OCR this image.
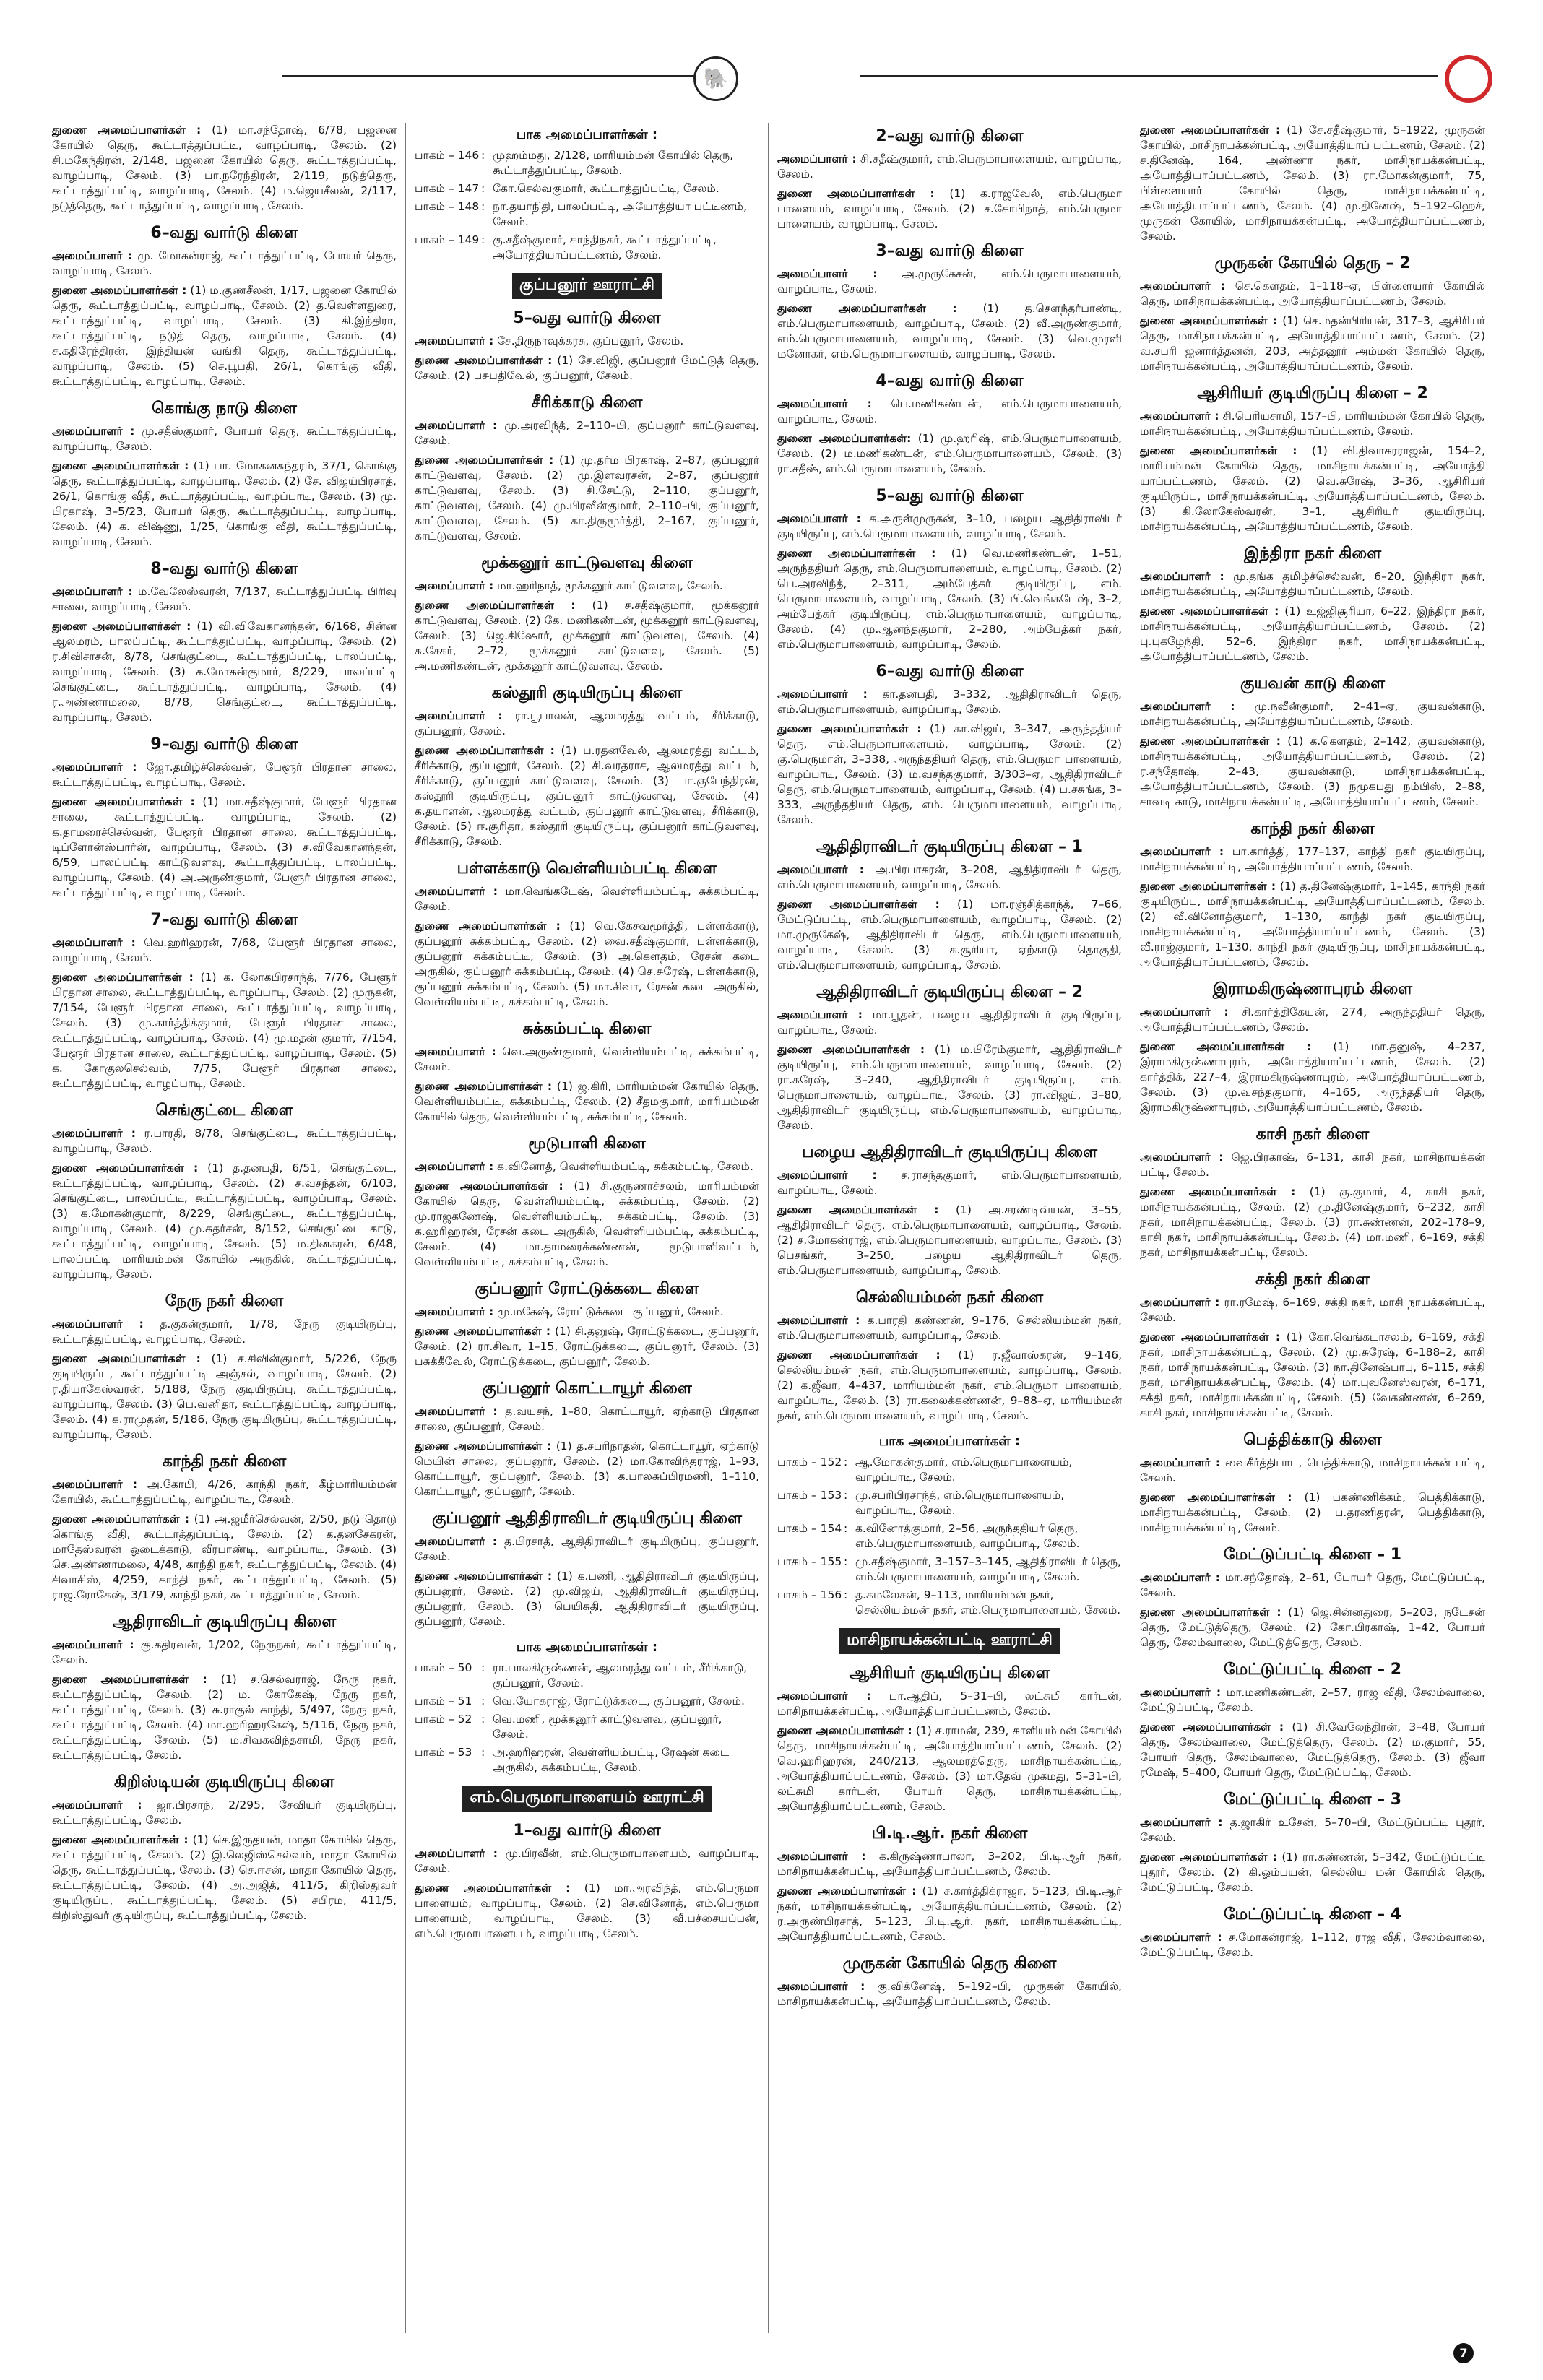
🐘

துணை அமைப்பாளர்கள் : (1) மா.சந்தோஷ், 6/78, பஜனை கோயில் தெரு, கூட்டாத்துப்பட்டி, வாழப்பாடி, சேலம். (2) சி.மகேந்திரன், 2/148, பஜனை கோயில் தெரு, கூட்டாத்துப்பட்டி, வாழப்பாடி, சேலம். (3) பா.நரேந்திரன், 2/119, நடுத்தெரு, கூட்டாத்துப்பட்டி, வாழப்பாடி, சேலம். (4) ம.ஜெயசீலன், 2/117, நடுத்தெரு, கூட்டாத்துப்பட்டி, வாழப்பாடி, சேலம்.

6–வது வார்டு கிளை

அமைப்பாளர் : மு. மோகன்ராஜ், கூட்டாத்துப்பட்டி, போயர் தெரு, வாழப்பாடி, சேலம்.

துணை அமைப்பாளர்கள் : (1) ம.குணசீலன், 1/17, பஜனை கோயில் தெரு, கூட்டாத்துப்பட்டி, வாழப்பாடி, சேலம். (2) த.வெள்ளதுரை, கூட்டாத்துப்பட்டி, வாழப்பாடி, சேலம். (3) கி.இந்திரா, கூட்டாத்துப்பட்டி, நடுத் தெரு, வாழப்பாடி, சேலம். (4) ச.கதிரேந்திரன், இந்தியன் வங்கி தெரு, கூட்டாத்துப்பட்டி, வாழப்பாடி, சேலம். (5) செ.பூபதி, 26/1, கொங்கு வீதி, கூட்டாத்துப்பட்டி, வாழப்பாடி, சேலம்.

கொங்கு நாடு கிளை

அமைப்பாளர் : மு.சதீஸ்குமார், போயர் தெரு, கூட்டாத்துப்பட்டி, வாழப்பாடி, சேலம்.

துணை அமைப்பாளர்கள் : (1) பா. மோகனசுந்தரம், 37/1, கொங்கு தெரு, கூட்டாத்துப்பட்டி, வாழப்பாடி, சேலம். (2) சே. விஜய்பிரசாத், 26/1, கொங்கு வீதி, கூட்டாத்துப்பட்டி, வாழப்பாடி, சேலம். (3) மு. பிரகாஷ், 3–5/23, போயர் தெரு, கூட்டாத்துப்பட்டி, வாழப்பாடி, சேலம். (4) க. விஷ்ணு, 1/25, கொங்கு வீதி, கூட்டாத்துப்பட்டி, வாழப்பாடி, சேலம்.

8–வது வார்டு கிளை

அமைப்பாளர் : ம.வேலேஸ்வரன், 7/137, கூட்டாத்துப்பட்டி பிரிவு சாலை, வாழப்பாடி, சேலம்.

துணை அமைப்பாளர்கள் : (1) வி.விவேகானந்தன், 6/168, சின்ன ஆலமரம், பாலப்பட்டி, கூட்டாத்துப்பட்டி, வாழப்பாடி, சேலம். (2) ர.சிவிசாசன், 8/78, செங்குட்டை, கூட்டாத்துப்பட்டி, பாலப்பட்டி, வாழப்பாடி, சேலம். (3) க.மோகன்குமார், 8/229, பாலப்பட்டி செங்குட்டை, கூட்டாத்துப்பட்டி, வாழப்பாடி, சேலம். (4) ர.அண்ணாமலை, 8/78, செங்குட்டை, கூட்டாத்துப்பட்டி, வாழப்பாடி, சேலம்.

9–வது வார்டு கிளை

அமைப்பாளர் : ஜோ.தமிழ்ச்செல்வன், பேளூர் பிரதான சாலை, கூட்டாத்துப்பட்டி, வாழப்பாடி, சேலம்.

துணை அமைப்பாளர்கள் : (1) மா.சதீஷ்குமார், பேளூர் பிரதான சாலை, கூட்டாத்துப்பட்டி, வாழப்பாடி, சேலம். (2) க.தாமரைச்செல்வன், பேளூர் பிரதான சாலை, கூட்டாத்துப்பட்டி, டிப்ளோன்ஸ்பார்ன், வாழப்பாடி, சேலம். (3) ச.விவேகானந்தன், 6/59, பாலப்பட்டி காட்டுவளவு, கூட்டாத்துப்பட்டி, பாலப்பட்டி, வாழப்பாடி, சேலம். (4) அ.அருண்குமார், பேளூர் பிரதான சாலை, கூட்டாத்துப்பட்டி, வாழப்பாடி, சேலம்.

7–வது வார்டு கிளை

அமைப்பாளர் : வெ.ஹரிஹரன், 7/68, பேளூர் பிரதான சாலை, வாழப்பாடி, சேலம்.

துணை அமைப்பாளர்கள் : (1) க. லோகபிரசாந்த், 7/76, பேளூர் பிரதான சாலை, கூட்டாத்துப்பட்டி, வாழப்பாடி, சேலம். (2) முருகன், 7/154, பேளூர் பிரதான சாலை, கூட்டாத்துப்பட்டி, வாழப்பாடி, சேலம். (3) மு.கார்த்திக்குமார், பேளூர் பிரதான சாலை, கூட்டாத்துப்பட்டி, வாழப்பாடி, சேலம். (4) மு.மதன் குமார், 7/154, பேளூர் பிரதான சாலை, கூட்டாத்துப்பட்டி, வாழப்பாடி, சேலம். (5) க. கோகுலசெல்வம், 7/75, பேளூர் பிரதான சாலை, கூட்டாத்துப்பட்டி, வாழப்பாடி, சேலம்.

செங்குட்டை கிளை

அமைப்பாளர் : ர.பாரதி, 8/78, செங்குட்டை, கூட்டாத்துப்பட்டி, வாழப்பாடி, சேலம்.

துணை அமைப்பாளர்கள் : (1) த.தனபதி, 6/51, செங்குட்டை, கூட்டாத்துப்பட்டி, வாழப்பாடி, சேலம். (2) ச.வசந்தன், 6/103, செங்குட்டை, பாலப்பட்டி, கூட்டாத்துப்பட்டி, வாழப்பாடி, சேலம். (3) க.மோகன்குமார், 8/229, செங்குட்டை, கூட்டாத்துப்பட்டி, வாழப்பாடி, சேலம். (4) மு.சுதர்சன், 8/152, செங்குட்டை காடு, கூட்டாத்துப்பட்டி, வாழப்பாடி, சேலம். (5) ம.தினகரன், 6/48, பாலப்பட்டி மாரியம்மன் கோயில் அருகில், கூட்டாத்துப்பட்டி, வாழப்பாடி, சேலம்.

நேரு நகர் கிளை

அமைப்பாளர் : த.குகன்குமார், 1/78, நேரு குடியிருப்பு, கூட்டாத்துப்பட்டி, வாழப்பாடி, சேலம்.

துணை அமைப்பாளர்கள் : (1) ச.சிவின்குமார், 5/226, நேரு குடியிருப்பு, கூட்டாத்துப்பட்டி அஞ்சல், வாழப்பாடி, சேலம். (2) ர.தியாகேஸ்வரன், 5/188, நேரு குடியிருப்பு, கூட்டாத்துப்பட்டி, வாழப்பாடி, சேலம். (3) பெ.வனிதா, கூட்டாத்துப்பட்டி, வாழப்பாடி, சேலம். (4) க.ராமுதன், 5/186, நேரு குடியிருப்பு, கூட்டாத்துப்பட்டி, வாழப்பாடி, சேலம்.

காந்தி நகர் கிளை

அமைப்பாளர் : அ.கோபி, 4/26, காந்தி நகர், கீழ்மாரியம்மன் கோயில், கூட்டாத்துப்பட்டி, வாழப்பாடி, சேலம்.

துணை அமைப்பாளர்கள் : (1) அ.ஜமீர்செல்வன், 2/50, நடு தொடு கொங்கு வீதி, கூட்டாத்துப்பட்டி, சேலம். (2) க.தனசேகரன், மாதேஸ்வரன் ஓடைக்காடு, வீரபாண்டி, வாழப்பாடி, சேலம். (3) செ.அண்ணாமலை, 4/48, காந்தி நகர், கூட்டாத்துப்பட்டி, சேலம். (4) சிவாசிஸ், 4/259, காந்தி நகர், கூட்டாத்துப்பட்டி, சேலம். (5) ராஜ.ரோகேஷ், 3/179, காந்தி நகர், கூட்டாத்துப்பட்டி, சேலம்.

ஆதிராவிடர் குடியிருப்பு கிளை

அமைப்பாளர் : கு.கதிரவன், 1/202, நேருநகர், கூட்டாத்துப்பட்டி, சேலம்.

துணை அமைப்பாளர்கள் : (1) ச.செல்வராஜ், நேரு நகர், கூட்டாத்துப்பட்டி, சேலம். (2) ம. கோகேஷ், நேரு நகர், கூட்டாத்துப்பட்டி, சேலம். (3) சு.ராகுல் காந்தி, 5/497, நேரு நகர், கூட்டாத்துப்பட்டி, சேலம். (4) மா.ஹரிஹரகேஷ், 5/116, நேரு நகர், கூட்டாத்துப்பட்டி, சேலம். (5) ம.சிவகவிந்தசாமி, நேரு நகர், கூட்டாத்துப்பட்டி, சேலம்.

கிறிஸ்டியன் குடியிருப்பு கிளை

அமைப்பாளர் : ஜா.பிரசாந், 2/295, சேவியர் குடியிருப்பு, கூட்டாத்துப்பட்டி, சேலம்.

துணை அமைப்பாளர்கள் : (1) செ.இருதயன், மாதா கோயில் தெரு, கூட்டாத்துப்பட்டி, சேலம். (2) இ.லெஜிஸ்செல்வம், மாதா கோயில் தெரு, கூட்டாத்துப்பட்டி, சேலம். (3) செ.ஈசன், மாதா கோயில் தெரு, கூட்டாத்துப்பட்டி, சேலம். (4) அ.அஜித், 411/5, கிறிஸ்துவர் குடியிருப்பு, கூட்டாத்துப்பட்டி, சேலம். (5) சபிரம, 411/5, கிறிஸ்துவர் குடியிருப்பு, கூட்டாத்துப்பட்டி, சேலம்.

பாக அமைப்பாளர்கள் :
பாகம் – 146 : முஹம்மது, 2/128, மாரியம்மன் கோயில் தெரு, கூட்டாத்துப்பட்டி, சேலம்.
பாகம் – 147 : கோ.செல்வகுமார், கூட்டாத்துப்பட்டி, சேலம்.
பாகம் – 148 : நா.தயாநிதி, பாலப்பட்டி, அயோத்தியா பட்டிணம், சேலம்.
பாகம் – 149 : கு.சதீஷ்குமார், காந்திநகர், கூட்டாத்துப்பட்டி, அயோத்தியாப்பட்டணம், சேலம்.
குப்பனூர் ஊராட்சி
5–வது வார்டு கிளை

அமைப்பாளர் : சே.திருநாவுக்கரசு, குப்பனூர், சேலம்.

துணை அமைப்பாளர்கள் : (1) சே.விஜி, குப்பனூர் மேட்டுத் தெரு, சேலம். (2) பசுபதிவேல், குப்பனூர், சேலம்.

சீரிக்காடு கிளை

அமைப்பாளர் : மு.அரவிந்த், 2–110–பி, குப்பனூர் காட்டுவளவு, சேலம்.

துணை அமைப்பாளர்கள் : (1) மு.தர்ம பிரகாஷ், 2–87, குப்பனூர் காட்டுவளவு, சேலம். (2) மு.இளவரசன், 2–87, குப்பனூர் காட்டுவளவு, சேலம். (3) சி.சேட்டு, 2–110, குப்பனூர், காட்டுவளவு, சேலம். (4) மு.பிரவீன்குமார், 2–110–பி, குப்பனூர், காட்டுவளவு, சேலம். (5) கா.திருமூர்த்தி, 2–167, குப்பனூர், காட்டுவளவு, சேலம்.

மூக்கனூர் காட்டுவளவு கிளை

அமைப்பாளர் : மா.ஹரிநாத், மூக்கனூர் காட்டுவளவு, சேலம்.

துணை அமைப்பாளர்கள் : (1) ச.சதீஷ்குமார், மூக்கனூர் காட்டுவளவு, சேலம். (2) கே. மணிகண்டன், மூக்கனூர் காட்டுவளவு, சேலம். (3) ஜெ.கிஷோர், மூக்கனூர் காட்டுவளவு, சேலம். (4) சு.சேகர், 2–72, மூக்கனூர் காட்டுவளவு, சேலம். (5) அ.மணிகண்டன், மூக்கனூர் காட்டுவளவு, சேலம்.

கஸ்தூரி குடியிருப்பு கிளை

அமைப்பாளர் : ரா.பூபாலன், ஆலமரத்து வட்டம், சீரிக்காடு, குப்பனூர், சேலம்.

துணை அமைப்பாளர்கள் : (1) ப.ரதனவேல், ஆலமரத்து வட்டம், சீரிக்காடு, குப்பனூர், சேலம். (2) சி.வரதராச, ஆலமரத்து வட்டம், சீரிக்காடு, குப்பனூர் காட்டுவளவு, சேலம். (3) பா.குபேந்திரன், கஸ்தூரி குடியிருப்பு, குப்பனூர் காட்டுவளவு, சேலம். (4) க.தயாளன், ஆலமரத்து வட்டம், குப்பனூர் காட்டுவளவு, சீரிக்காடு, சேலம். (5) ஈ.சூரிதா, கஸ்தூரி குடியிருப்பு, குப்பனூர் காட்டுவளவு, சீரிக்காடு, சேலம்.

பள்ளக்காடு வெள்ளியம்பட்டி கிளை

அமைப்பாளர் : மா.வெங்கடேஷ், வெள்ளியம்பட்டி, சுக்கம்பட்டி, சேலம்.

துணை அமைப்பாளர்கள் : (1) வெ.கேசவமூர்த்தி, பள்ளக்காடு, குப்பனூர் சுக்கம்பட்டி, சேலம். (2) வை.சதீஷ்குமார், பள்ளக்காடு, குப்பனூர் சுக்கம்பட்டி, சேலம். (3) அ.கௌதம், ரேசன் கடை அருகில், குப்பனூர் சுக்கம்பட்டி, சேலம். (4) செ.சுரேஷ், பள்ளக்காடு, குப்பனூர் சுக்கம்பட்டி, சேலம். (5) மா.சிவா, ரேசன் கடை அருகில், வெள்ளியம்பட்டி, சுக்கம்பட்டி, சேலம்.

சுக்கம்பட்டி கிளை

அமைப்பாளர் : வெ.அருண்குமார், வெள்ளியம்பட்டி, சுக்கம்பட்டி, சேலம்.

துணை அமைப்பாளர்கள் : (1) ஜ.கிரி, மாரியம்மன் கோயில் தெரு, வெள்ளியம்பட்டி, சுக்கம்பட்டி, சேலம். (2) சீதமகுமார், மாரியம்மன் கோயில் தெரு, வெள்ளியம்பட்டி, சுக்கம்பட்டி, சேலம்.

மூடுபாளி கிளை

அமைப்பாளர் : க.வினோத், வெள்ளியம்பட்டி, சுக்கம்பட்டி, சேலம்.

துணை அமைப்பாளர்கள் : (1) சி.குருணாச்சலம், மாரியம்மன் கோயில் தெரு, வெள்ளியம்பட்டி, சுக்கம்பட்டி, சேலம். (2) மு.ராஜகணேஷ், வெள்ளியம்பட்டி, சுக்கம்பட்டி, சேலம். (3) க.ஹரிஹரன், ரேசன் கடை அருகில், வெள்ளியம்பட்டி, சுக்கம்பட்டி, சேலம். (4) மா.தாமரைக்கண்ணன், மூடுபாளிவட்டம், வெள்ளியம்பட்டி, சுக்கம்பட்டி, சேலம்.

குப்பனூர் ரோட்டுக்கடை கிளை

அமைப்பாளர் : மு.மகேஷ், ரோட்டுக்கடை குப்பனூர், சேலம்.

துணை அமைப்பாளர்கள் : (1) சி.தனுஷ், ரோட்டுக்கடை, குப்பனூர், சேலம். (2) ரா.சிவா, 1–15, ரோட்டுக்கடை, குப்பனூர், சேலம். (3) பசுக்கீவேல், ரோட்டுக்கடை, குப்பனூர், சேலம்.

குப்பனூர் கொட்டாயூர் கிளை

அமைப்பாளர் : த.வயசந், 1–80, கொட்டாயூர், ஏற்காடு பிரதான சாலை, குப்பனூர், சேலம்.

துணை அமைப்பாளர்கள் : (1) த.சபரிநாதன், கொட்டாயூர், ஏற்காடு மெயின் சாலை, குப்பனூர், சேலம். (2) மா.கோவிந்தராஜ், 1–93, கொட்டாயூர், குப்பனூர், சேலம். (3) க.பாலசுப்பிரமணி, 1–110, கொட்டாயூர், குப்பனூர், சேலம்.

குப்பனூர் ஆதிதிராவிடர் குடியிருப்பு கிளை

அமைப்பாளர் : த.பிரசாத், ஆதிதிராவிடர் குடியிருப்பு, குப்பனூர், சேலம்.

துணை அமைப்பாளர்கள் : (1) க.பணி, ஆதிதிராவிடர் குடியிருப்பு, குப்பனூர், சேலம். (2) மு.விஜய், ஆதிதிராவிடர் குடியிருப்பு, குப்பனூர், சேலம். (3) பெயிசுதி, ஆதிதிராவிடர் குடியிருப்பு, குப்பனூர், சேலம்.

பாக அமைப்பாளர்கள் :
பாகம் – 50 : ரா.பாலகிருஷ்ணன், ஆலமரத்து வட்டம், சீரிக்காடு, குப்பனூர், சேலம்.
பாகம் – 51 : வெ.யோகராஜ், ரோட்டுக்கடை, குப்பனூர், சேலம்.
பாகம் – 52 : வெ.மணி, மூக்கனூர் காட்டுவளவு, குப்பனூர், சேலம்.
பாகம் – 53 : அ.ஹரிஹரன், வெள்ளியம்பட்டி, ரேஷன் கடை அருகில், சுக்கம்பட்டி, சேலம்.
எம்.பெருமாபாளையம் ஊராட்சி
1–வது வார்டு கிளை

அமைப்பாளர் : மு.பிரவீன், எம்.பெருமாபாளையம், வாழப்பாடி, சேலம்.

துணை அமைப்பாளர்கள் : (1) மா.அரவிந்த், எம்.பெருமா பாளையம், வாழப்பாடி, சேலம். (2) செ.வினோத், எம்.பெருமா பாளையம், வாழப்பாடி, சேலம். (3) வீ.பச்சையப்பன், எம்.பெருமாபாளையம், வாழப்பாடி, சேலம்.

2–வது வார்டு கிளை

அமைப்பாளர் : சி.சதீஷ்குமார், எம்.பெருமாபாளையம், வாழப்பாடி, சேலம்.

துணை அமைப்பாளர்கள் : (1) க.ராஜவேல், எம்.பெருமா பாளையம், வாழப்பாடி, சேலம். (2) ச.கோபிநாத், எம்.பெருமா பாளையம், வாழப்பாடி, சேலம்.

3–வது வார்டு கிளை

அமைப்பாளர் : அ.முருகேசன், எம்.பெருமாபாளையம், வாழப்பாடி, சேலம்.

துணை அமைப்பாளர்கள் : (1) த.சௌந்தர்பாண்டி, எம்.பெருமாபாளையம், வாழப்பாடி, சேலம். (2) வீ.அருண்குமார், எம்.பெருமாபாளையம், வாழப்பாடி, சேலம். (3) வெ.முரளி மனோகர், எம்.பெருமாபாளையம், வாழப்பாடி, சேலம்.

4–வது வார்டு கிளை

அமைப்பாளர் : பெ.மணிகண்டன், எம்.பெருமாபாளையம், வாழப்பாடி, சேலம்.

துணை அமைப்பாளர்கள்: (1) மு.ஹரிஷ், எம்.பெருமாபாளையம், சேலம். (2) ம.மணிகண்டன், எம்.பெருமாபாளையம், சேலம். (3) ரா.சதீஷ், எம்.பெருமாபாளையம், சேலம்.

5–வது வார்டு கிளை

அமைப்பாளர் : க.அருள்முருகன், 3–10, பழைய ஆதிதிராவிடர் குடியிருப்பு, எம்.பெருமாபாளையம், வாழப்பாடி, சேலம்.

துணை அமைப்பாளர்கள் : (1) வெ.மணிகண்டன், 1–51, அருந்ததியர் தெரு, எம்.பெருமாபாளையம், வாழப்பாடி, சேலம். (2) பெ.அரவிந்த், 2–311, அம்பேத்கர் குடியிருப்பு, எம். பெருமாபாளையம், வாழப்பாடி, சேலம். (3) பி.வெங்கடேஷ், 3–2, அம்பேத்கர் குடியிருப்பு, எம்.பெருமாபாளையம், வாழப்பாடி, சேலம். (4) மு.ஆனந்தகுமார், 2–280, அம்பேத்கர் நகர், எம்.பெருமாபாளையம், வாழப்பாடி, சேலம்.

6–வது வார்டு கிளை

அமைப்பாளர் : கா.தனபதி, 3–332, ஆதிதிராவிடர் தெரு, எம்.பெருமாபாளையம், வாழப்பாடி, சேலம்.

துணை அமைப்பாளர்கள் : (1) கா.விஜய், 3–347, அருந்ததியர் தெரு, எம்.பெருமாபாளையம், வாழப்பாடி, சேலம். (2) கு.பெருமாள், 3–338, அருந்ததியர் தெரு, எம்.பெருமா பாளையம், வாழப்பாடி, சேலம். (3) ம.வசந்தகுமார், 3/303–ஏ, ஆதிதிராவிடர் தெரு, எம்.பெருமாபாளையம், வாழப்பாடி, சேலம். (4) ப.சசுங்க, 3–333, அருந்ததியர் தெரு, எம். பெருமாபாளையம், வாழப்பாடி, சேலம்.

ஆதிதிராவிடர் குடியிருப்பு கிளை – 1

அமைப்பாளர் : அ.பிரபாகரன், 3–208, ஆதிதிராவிடர் தெரு, எம்.பெருமாபாளையம், வாழப்பாடி, சேலம்.

துணை அமைப்பாளர்கள் : (1) மா.ரஞ்சித்காந்த், 7–66, மேட்டுப்பட்டி, எம்.பெருமாபாளையம், வாழப்பாடி, சேலம். (2) மா.முருகேஷ், ஆதிதிராவிடர் தெரு, எம்.பெருமாபாளையம், வாழப்பாடி, சேலம். (3) க.சூரியா, ஏற்காடு தொகுதி, எம்.பெருமாபாளையம், வாழப்பாடி, சேலம்.

ஆதிதிராவிடர் குடியிருப்பு கிளை – 2

அமைப்பாளர் : மா.பூதன், பழைய ஆதிதிராவிடர் குடியிருப்பு, வாழப்பாடி, சேலம்.

துணை அமைப்பாளர்கள் : (1) ம.பிரேம்குமார், ஆதிதிராவிடர் குடியிருப்பு, எம்.பெருமாபாளையம், வாழப்பாடி, சேலம். (2) ரா.சுரேஷ், 3–240, ஆதிதிராவிடர் குடியிருப்பு, எம். பெருமாபாளையம், வாழப்பாடி, சேலம். (3) ரா.விஜய், 3–80, ஆதிதிராவிடர் குடியிருப்பு, எம்.பெருமாபாளையம், வாழப்பாடி, சேலம்.

பழைய ஆதிதிராவிடர் குடியிருப்பு கிளை

அமைப்பாளர் : ச.ராசந்தகுமார், எம்.பெருமாபாளையம், வாழப்பாடி, சேலம்.

துணை அமைப்பாளர்கள் : (1) அ.சரண்டிவ்யன், 3–55, ஆதிதிராவிடர் தெரு, எம்.பெருமாபாளையம், வாழப்பாடி, சேலம். (2) ச.மோகன்ராஜ், எம்.பெருமாபாளையம், வாழப்பாடி, சேலம். (3) பெசங்கர், 3–250, பழைய ஆதிதிராவிடர் தெரு, எம்.பெருமாபாளையம், வாழப்பாடி, சேலம்.

செல்லியம்மன் நகர் கிளை

அமைப்பாளர் : க.பாரதி கண்ணன், 9–176, செல்லியம்மன் நகர், எம்.பெருமாபாளையம், வாழப்பாடி, சேலம்.

துணை அமைப்பாளர்கள் : (1) ர.ஜீவாஸ்கரன், 9–146, செல்லியம்மன் நகர், எம்.பெருமாபாளையம், வாழப்பாடி, சேலம். (2) க.ஜீவா, 4–437, மாரியம்மன் நகர், எம்.பெருமா பாளையம், வாழப்பாடி, சேலம். (3) ரா.கலைக்கண்ணன், 9–88–ஏ, மாரியம்மன் நகர், எம்.பெருமாபாளையம், வாழப்பாடி, சேலம்.

பாக அமைப்பாளர்கள் :
பாகம் – 152 : ஆ.மோகன்குமார், எம்.பெருமாபாளையம், வாழப்பாடி, சேலம்.
பாகம் – 153 : மு.சபரிபிரசாந்த், எம்.பெருமாபாளையம், வாழப்பாடி, சேலம்.
பாகம் – 154 : க.வினோத்குமார், 2–56, அருந்ததியர் தெரு, எம்.பெருமாபாளையம், வாழப்பாடி, சேலம்.
பாகம் – 155 : மு.சதீஷ்குமார், 3–157–3–145, ஆதிதிராவிடர் தெரு, எம்.பெருமாபாளையம், வாழப்பாடி, சேலம்.
பாகம் – 156 : த.கமலேசன், 9–113, மாரியம்மன் நகர், செல்லியம்மன் நகர், எம்.பெருமாபாளையம், சேலம்.
மாசிநாயக்கன்பட்டி ஊராட்சி
ஆசிரியர் குடியிருப்பு கிளை

அமைப்பாளர் : பா.ஆதிப், 5–31–பி, லட்சுமி கார்டன், மாசிநாயக்கன்பட்டி, அயோத்தியாப்பட்டணம், சேலம்.

துணை அமைப்பாளர்கள் : (1) ச.ராமன், 239, காளியம்மன் கோயில் தெரு, மாசிநாயக்கன்பட்டி, அயோத்தியாப்பட்டணம், சேலம். (2) வெ.ஹரிஹரன், 240/213, ஆலமரத்தெரு, மாசிநாயக்கன்பட்டி, அயோத்தியாப்பட்டணம், சேலம். (3) மா.தேவ் முகமது, 5–31–பி, லட்சுமி கார்டன், போயர் தெரு, மாசிநாயக்கன்பட்டி, அயோத்தியாப்பட்டணம், சேலம்.

பி.டி.ஆர். நகர் கிளை

அமைப்பாளர் : க.கிருஷ்ணாபாலா, 3–202, பி.டி.ஆர் நகர், மாசிநாயக்கன்பட்டி, அயோத்தியாப்பட்டணம், சேலம்.

துணை அமைப்பாளர்கள் : (1) ச.கார்த்திக்ராஜா, 5–123, பி.டி.ஆர் நகர், மாசிநாயக்கன்பட்டி, அயோத்தியாப்பட்டணம், சேலம். (2) ர.அருண்பிரசாத், 5–123, பி.டி.ஆர். நகர், மாசிநாயக்கன்பட்டி, அயோத்தியாப்பட்டணம், சேலம்.

முருகன் கோயில் தெரு கிளை

அமைப்பாளர் : கு.விக்னேஷ், 5–192–பி, முருகன் கோயில், மாசிநாயக்கன்பட்டி, அயோத்தியாப்பட்டணம், சேலம்.

துணை அமைப்பாளர்கள் : (1) சே.சதீஷ்குமார், 5–1922, முருகன் கோயில், மாசிநாயக்கன்பட்டி, அயோத்தியாப் பட்டணம், சேலம். (2) ச.தினேஷ், 164, அண்ணா நகர், மாசிநாயக்கன்பட்டி, அயோத்தியாப்பட்டணம், சேலம். (3) ரா.மோகன்குமார், 75, பிள்ளையார் கோயில் தெரு, மாசிநாயக்கன்பட்டி, அயோத்தியாப்பட்டணம், சேலம். (4) மு.தினேஷ், 5–192–ஹெச், முருகன் கோயில், மாசிநாயக்கன்பட்டி, அயோத்தியாப்பட்டணம், சேலம்.

முருகன் கோயில் தெரு – 2

அமைப்பாளர் : செ.கௌதம், 1–118–ஏ, பிள்ளையார் கோயில் தெரு, மாசிநாயக்கன்பட்டி, அயோத்தியாப்பட்டணம், சேலம்.

துணை அமைப்பாளர்கள் : (1) செ.மதன்பிரியன், 317–3, ஆசிரியர் தெரு, மாசிநாயக்கன்பட்டி, அயோத்தியாப்பட்டணம், சேலம். (2) வ.சபரி ஜனார்த்தனன், 203, அத்தனூர் அம்மன் கோயில் தெரு, மாசிநாயக்கன்பட்டி, அயோத்தியாப்பட்டணம், சேலம்.

ஆசிரியர் குடியிருப்பு கிளை – 2

அமைப்பாளர் : சி.பெரியசாமி, 157–பி, மாரியம்மன் கோயில் தெரு, மாசிநாயக்கன்பட்டி, அயோத்தியாப்பட்டணம், சேலம்.

துணை அமைப்பாளர்கள் : (1) வி.திவாகரராஜன், 154–2, மாரியம்மன் கோயில் தெரு, மாசிநாயக்கன்பட்டி, அயோத்தி யாப்பட்டணம், சேலம். (2) வெ.சுரேஷ், 3–36, ஆசிரியர் குடியிருப்பு, மாசிநாயக்கன்பட்டி, அயோத்தியாப்பட்டணம், சேலம். (3) கி.லோகேஸ்வரன், 3–1, ஆசிரியர் குடியிருப்பு, மாசிநாயக்கன்பட்டி, அயோத்தியாப்பட்டணம், சேலம்.

இந்திரா நகர் கிளை

அமைப்பாளர் : மு.தங்க தமிழ்ச்செல்வன், 6–20, இந்திரா நகர், மாசிநாயக்கன்பட்டி, அயோத்தியாப்பட்டணம், சேலம்.

துணை அமைப்பாளர்கள் : (1) உஜ்ஜிசூரியா, 6–22, இந்திரா நகர், மாசிநாயக்கன்பட்டி, அயோத்தியாப்பட்டணம், சேலம். (2) பு.புகழேந்தி, 52–6, இந்திரா நகர், மாசிநாயக்கன்பட்டி, அயோத்தியாப்பட்டணம், சேலம்.

குயவன் காடு கிளை

அமைப்பாளர் : மு.நவீன்குமார், 2–41–ஏ, குயவன்காடு, மாசிநாயக்கன்பட்டி, அயோத்தியாப்பட்டணம், சேலம்.

துணை அமைப்பாளர்கள் : (1) க.கௌதம், 2–142, குயவன்காடு, மாசிநாயக்கன்பட்டி, அயோத்தியாப்பட்டணம், சேலம். (2) ர.சந்தோஷ், 2–43, குயவன்காடு, மாசிநாயக்கன்பட்டி, அயோத்தியாப்பட்டணம், சேலம். (3) நமுகபது நம்பிஸ், 2–88, சாவடி காடு, மாசிநாயக்கன்பட்டி, அயோத்தியாப்பட்டணம், சேலம்.

காந்தி நகர் கிளை

அமைப்பாளர் : பா.கார்த்தி, 177–137, காந்தி நகர் குடியிருப்பு, மாசிநாயக்கன்பட்டி, அயோத்தியாப்பட்டணம், சேலம்.

துணை அமைப்பாளர்கள் : (1) த.தினேஷ்குமார், 1–145, காந்தி நகர் குடியிருப்பு, மாசிநாயக்கன்பட்டி, அயோத்தியாப்பட்டணம், சேலம். (2) வீ.வினோத்குமார், 1–130, காந்தி நகர் குடியிருப்பு, மாசிநாயக்கன்பட்டி, அயோத்தியாப்பட்டணம், சேலம். (3) வீ.ராஜ்குமார், 1–130, காந்தி நகர் குடியிருப்பு, மாசிநாயக்கன்பட்டி, அயோத்தியாப்பட்டணம், சேலம்.

இராமகிருஷ்ணாபுரம் கிளை

அமைப்பாளர் : சி.கார்த்திகேயன், 274, அருந்ததியர் தெரு, அயோத்தியாப்பட்டணம், சேலம்.

துணை அமைப்பாளர்கள் : (1) மா.தனுஷ், 4–237, இராமகிருஷ்ணாபுரம், அயோத்தியாப்பட்டணம், சேலம். (2) கார்த்திக், 227–4, இராமகிருஷ்ணாபுரம், அயோத்தியாப்பட்டணம், சேலம். (3) மு.வசந்தகுமார், 4–165, அருந்ததியர் தெரு, இராமகிருஷ்ணாபுரம், அயோத்தியாப்பட்டணம், சேலம்.

காசி நகர் கிளை

அமைப்பாளர் : ஜெ.பிரகாஷ், 6–131, காசி நகர், மாசிநாயக்கன் பட்டி, சேலம்.

துணை அமைப்பாளர்கள் : (1) கு.குமார், 4, காசி நகர், மாசிநாயக்கன்பட்டி, சேலம். (2) மு.தினேஷ்குமார், 6–232, காசி நகர், மாசிநாயக்கன்பட்டி, சேலம். (3) ரா.சுண்ணன், 202–178–9, காசி நகர், மாசிநாயக்கன்பட்டி, சேலம். (4) மா.மணி, 6–169, சக்தி நகர், மாசிநாயக்கன்பட்டி, சேலம்.

சக்தி நகர் கிளை

அமைப்பாளர் : ரா.ரமேஷ், 6–169, சக்தி நகர், மாசி நாயக்கன்பட்டி, சேலம்.

துணை அமைப்பாளர்கள் : (1) கோ.வெங்கடாசலம், 6–169, சக்தி நகர், மாசிநாயக்கன்பட்டி, சேலம். (2) மு.சுரேஷ், 6–188–2, காசி நகர், மாசிநாயக்கன்பட்டி, சேலம். (3) நா.தினேஷ்பாபு, 6–115, சக்தி நகர், மாசிநாயக்கன்பட்டி, சேலம். (4) மா.புவனேஸ்வரன், 6–171, சக்தி நகர், மாசிநாயக்கன்பட்டி, சேலம். (5) வேகண்ணன், 6–269, காசி நகர், மாசிநாயக்கன்பட்டி, சேலம்.

பெத்திக்காடு கிளை

அமைப்பாளர் : வைகீர்த்திபாபு, பெத்திக்காடு, மாசிநாயக்கன் பட்டி, சேலம்.

துணை அமைப்பாளர்கள் : (1) பகண்ணிக்கம், பெத்திக்காடு, மாசிநாயக்கன்பட்டி, சேலம். (2) ப.தரணிதரன், பெத்திக்காடு, மாசிநாயக்கன்பட்டி, சேலம்.

மேட்டுப்பட்டி கிளை – 1

அமைப்பாளர் : மா.சந்தோஷ், 2–61, போயர் தெரு, மேட்டுப்பட்டி, சேலம்.

துணை அமைப்பாளர்கள் : (1) ஜெ.சின்னதுரை, 5–203, நடேசன் தெரு, மேட்டுத்தெரு, சேலம். (2) கோ.பிரகாஷ், 1–42, போயர் தெரு, சேலம்வாலை, மேட்டுத்தெரு, சேலம்.

மேட்டுப்பட்டி கிளை – 2

அமைப்பாளர் : மா.மணிகண்டன், 2–57, ராஜ வீதி, சேலம்வாலை, மேட்டுப்பட்டி, சேலம்.

துணை அமைப்பாளர்கள் : (1) சி.வேலேந்திரன், 3–48, போயர் தெரு, சேலம்வாலை, மேட்டுத்தெரு, சேலம். (2) ம.குமார், 55, போயர் தெரு, சேலம்வாலை, மேட்டுத்தெரு, சேலம். (3) ஜீவா ரமேஷ், 5–400, போயர் தெரு, மேட்டுப்பட்டி, சேலம்.

மேட்டுப்பட்டி கிளை – 3

அமைப்பாளர் : த.ஜாகிர் உசேன், 5–70–பி, மேட்டுப்பட்டி புதூர், சேலம்.

துணை அமைப்பாளர்கள் : (1) ரா.கண்ணன், 5–342, மேட்டுப்பட்டி புதூர், சேலம். (2) கி.ஓம்பயன், செல்லிய மன் கோயில் தெரு, மேட்டுப்பட்டி, சேலம்.

மேட்டுப்பட்டி கிளை – 4

அமைப்பாளர் : ச.மோகன்ராஜ், 1–112, ராஜ வீதி, சேலம்வாலை, மேட்டுப்பட்டி, சேலம்.

7
